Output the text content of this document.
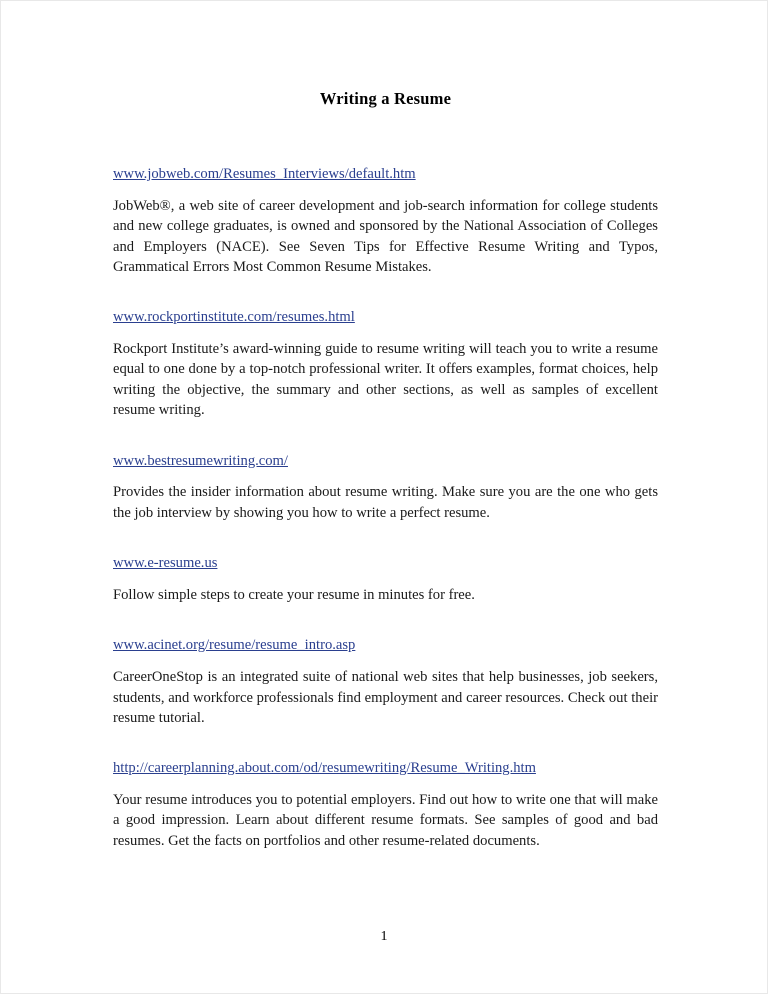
Writing a Resume
www.jobweb.com/Resumes_Interviews/default.htm

JobWeb®, a web site of career development and job-search information for college students and new college graduates, is owned and sponsored by the National Association of Colleges and Employers (NACE). See Seven Tips for Effective Resume Writing and Typos, Grammatical Errors Most Common Resume Mistakes.

www.rockportinstitute.com/resumes.html

Rockport Institute’s award-winning guide to resume writing will teach you to write a resume equal to one done by a top-notch professional writer. It offers examples, format choices, help writing the objective, the summary and other sections, as well as samples of excellent resume writing.

www.bestresumewriting.com/

Provides the insider information about resume writing. Make sure you are the one who gets the job interview by showing you how to write a perfect resume.

www.e-resume.us

Follow simple steps to create your resume in minutes for free.

www.acinet.org/resume/resume_intro.asp

CareerOneStop is an integrated suite of national web sites that help businesses, job seekers, students, and workforce professionals find employment and career resources. Check out their resume tutorial.

http://careerplanning.about.com/od/resumewriting/Resume_Writing.htm

Your resume introduces you to potential employers. Find out how to write one that will make a good impression. Learn about different resume formats. See samples of good and bad resumes. Get the facts on portfolios and other resume-related documents.

1
